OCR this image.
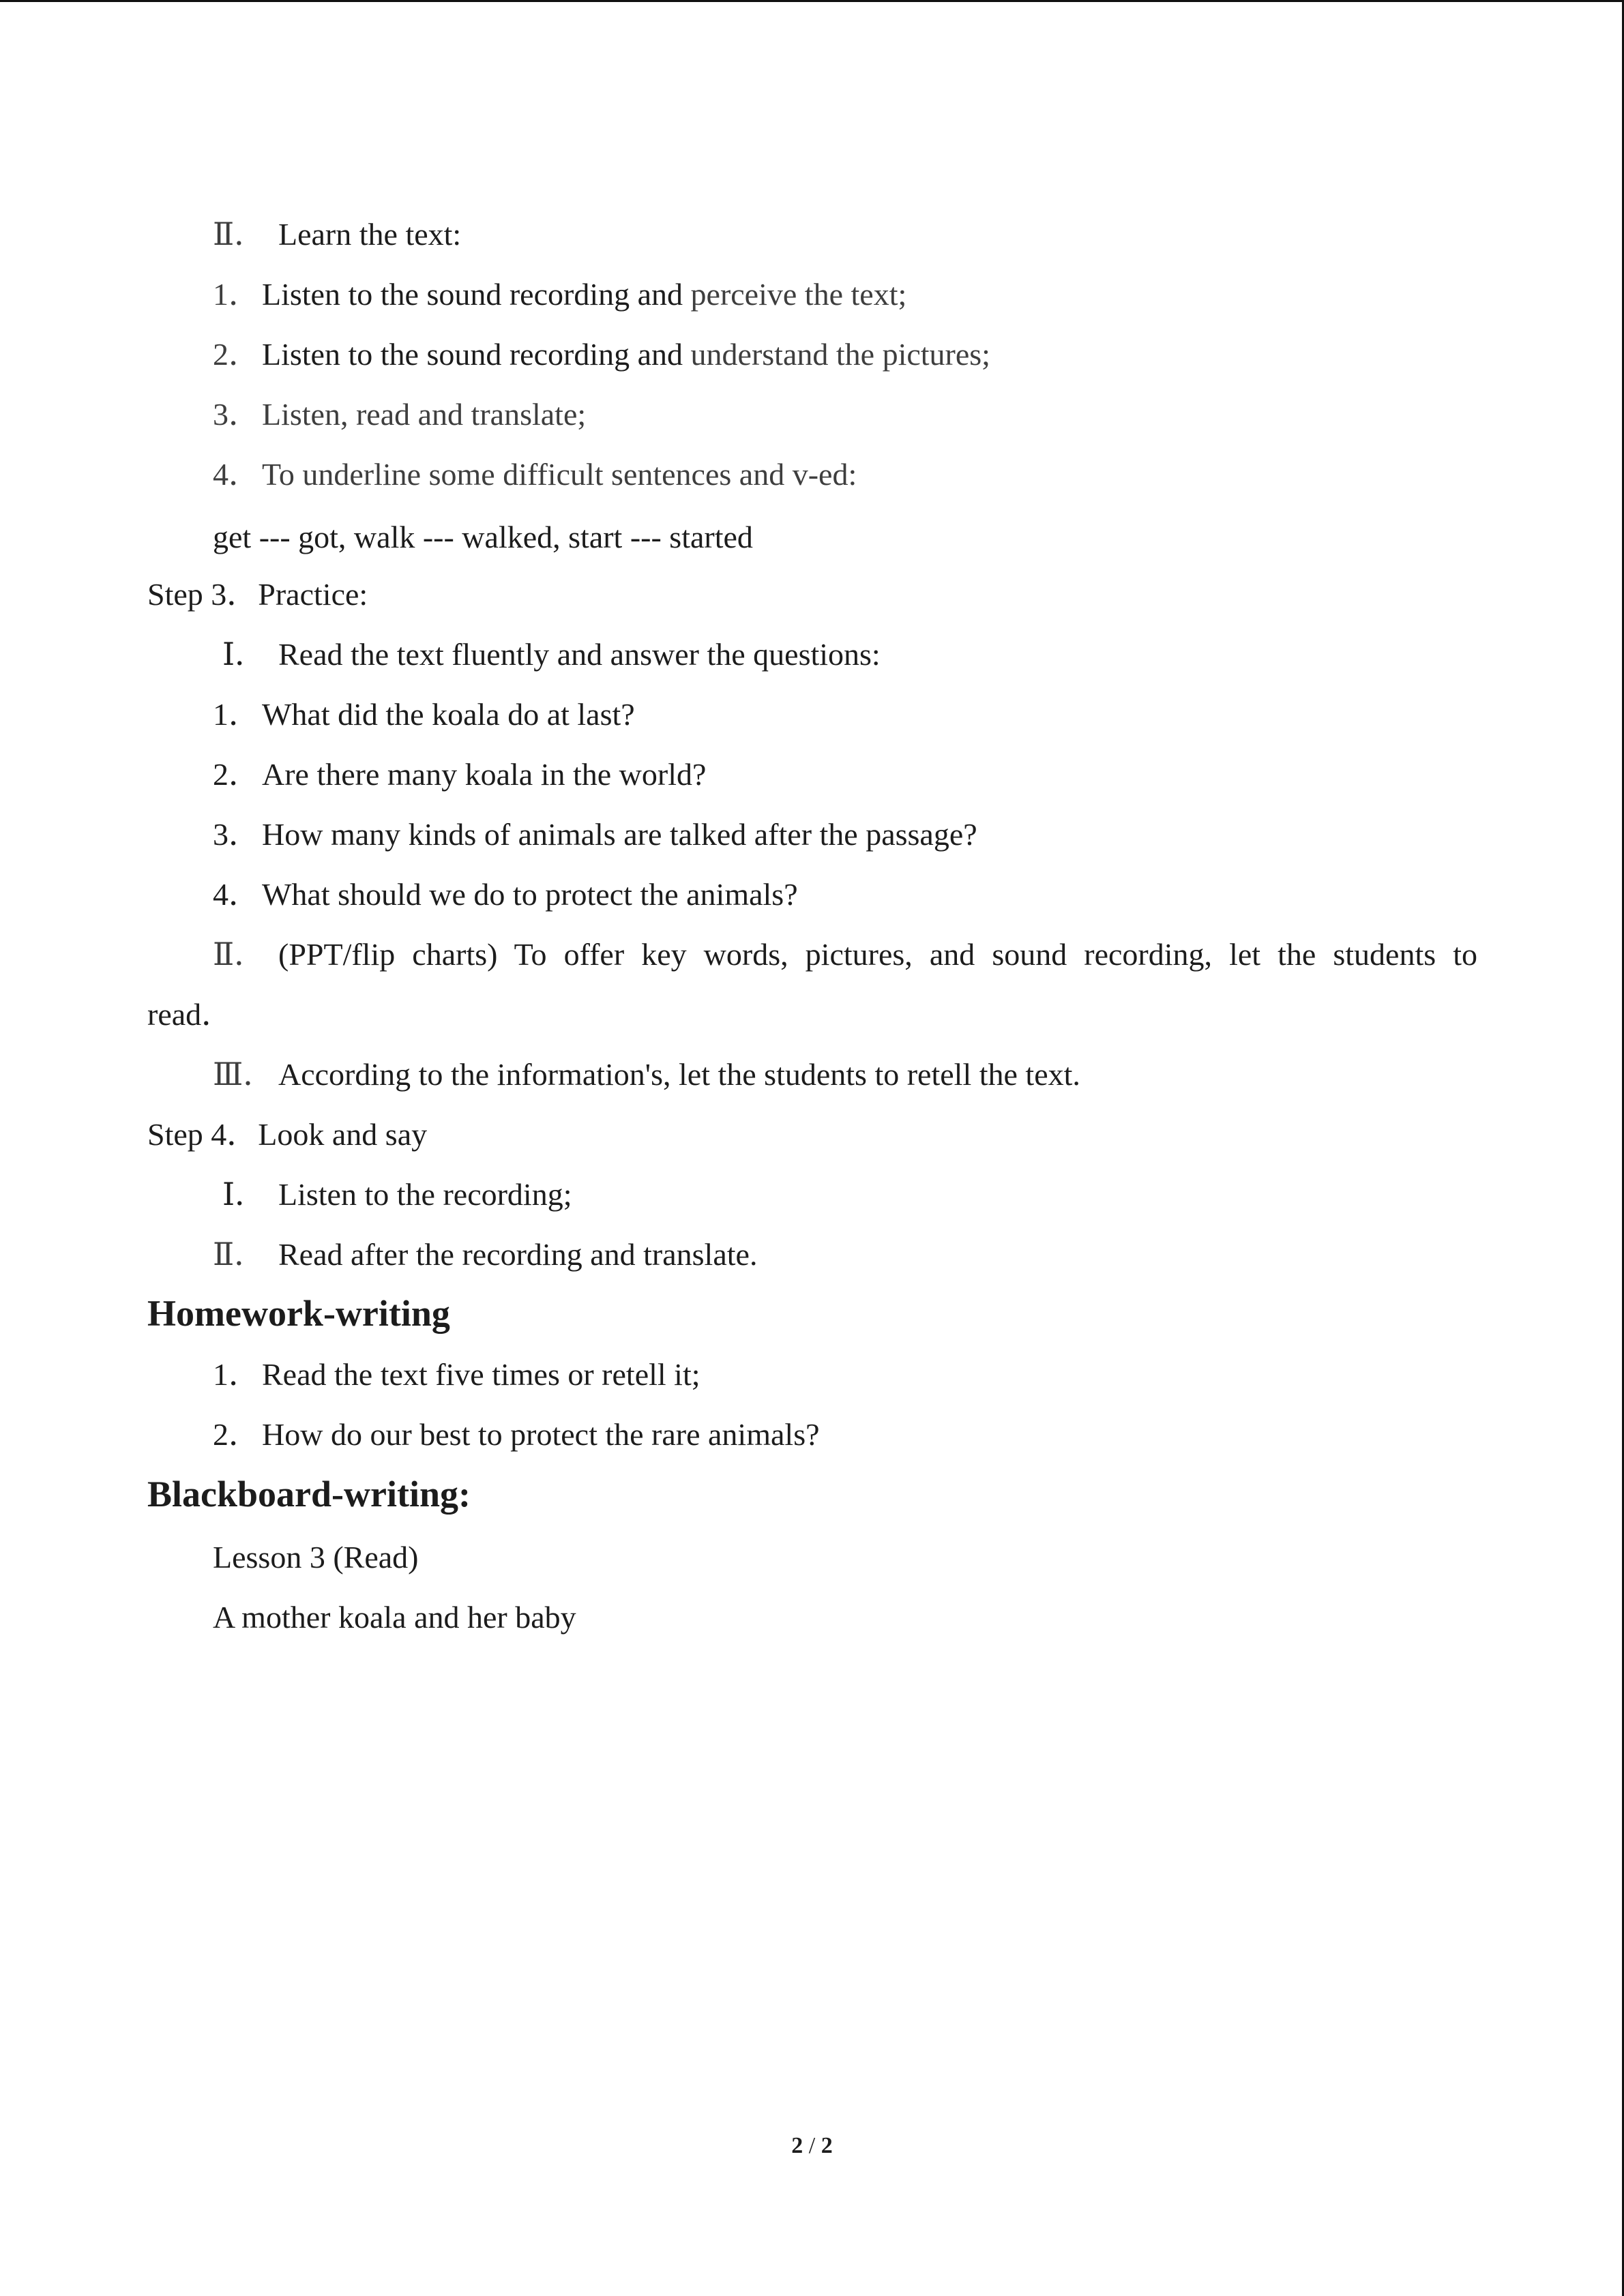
Ⅱ． Learn the text:
1．Listen to the sound recording and perceive the text;
2．Listen to the sound recording and understand the pictures;
3．Listen, read and translate;
4．To underline some difficult sentences and v-ed:
get --- got, walk --- walked, start --- started
Step 3．Practice:
Ⅰ． Read the text fluently and answer the questions:
1．What did the koala do at last?
2．Are there many koala in the world?
3．How many kinds of animals are talked after the passage?
4．What should we do to protect the animals?
Ⅱ． (PPT/flip charts) To offer key words, pictures, and sound recording, let the students to
read．
Ⅲ． According to the information's, let the students to retell the text.
Step 4．Look and say
Ⅰ． Listen to the recording;
Ⅱ． Read after the recording and translate.
Homework-writing
1．Read the text five times or retell it;
2．How do our best to protect the rare animals?
Blackboard-writing:
Lesson 3 (Read)
A mother koala and her baby
2 / 2
